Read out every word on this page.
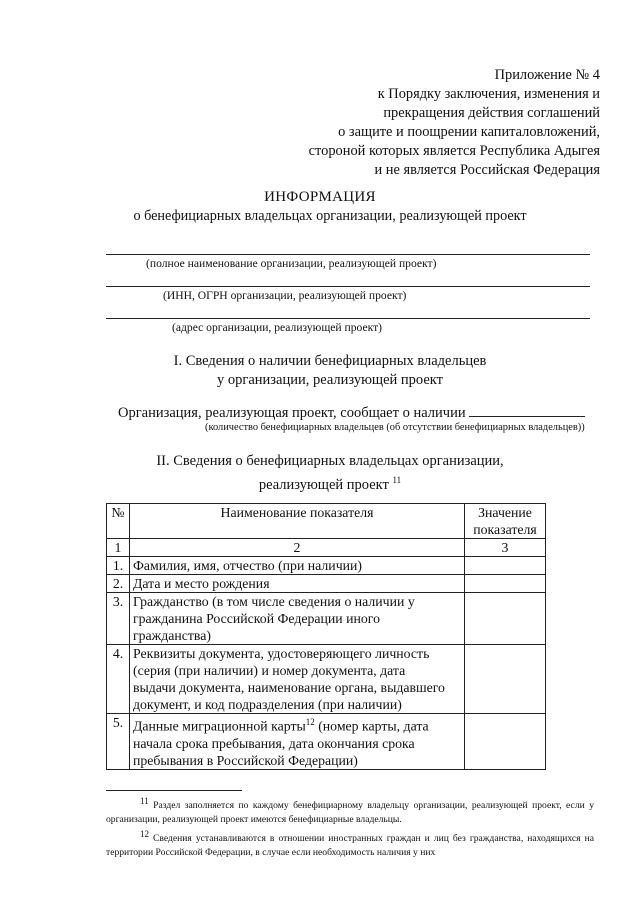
Приложение № 4
к Порядку заключения, изменения и
прекращения действия соглашений
о защите и поощрении капиталовложений,
стороной которых является Республика Адыгея
и не является Российская Федерация
ИНФОРМАЦИЯ
о бенефициарных владельцах организации, реализующей проект
(полное наименование организации, реализующей проект)
(ИНН, ОГРН организации, реализующей проект)
(адрес организации, реализующей проект)
I. Сведения о наличии бенефициарных владельцев
у организации, реализующей проект
Организация, реализующая проект, сообщает о наличии
(количество бенефициарных владельцев (об отсутствии бенефициарных владельцев))
II. Сведения о бенефициарных владельцах организации,
реализующей проект $^{11}$
№	Наименование показателя	Значение
показателя

1	2	3
1.	Фамилия, имя, отчество (при наличии)	

2.	Дата и место рождения	

3.	Гражданство (в том числе сведения о наличии у
гражданина Российской Федерации иного
гражданства)	

4.	Реквизиты документа, удостоверяющего личность
(серия (при наличии) и номер документа, дата
выдачи документа, наименование органа, выдавшего
документ, и код подразделения (при наличии)	

5.	Данные миграционной карты$^{12}$ (номер карты, дата
начала срока пребывания, дата окончания срока
пребывания в Российской Федерации)	

$^{11}$ Раздел заполняется по каждому бенефициарному владельцу организации, реализующей проект, если у организации, реализующей проект имеются бенефициарные владельцы.

$^{12}$ Сведения устанавливаются в отношении иностранных граждан и лиц без гражданства, находящихся на территории Российской Федерации, в случае если необходимость наличия у них
